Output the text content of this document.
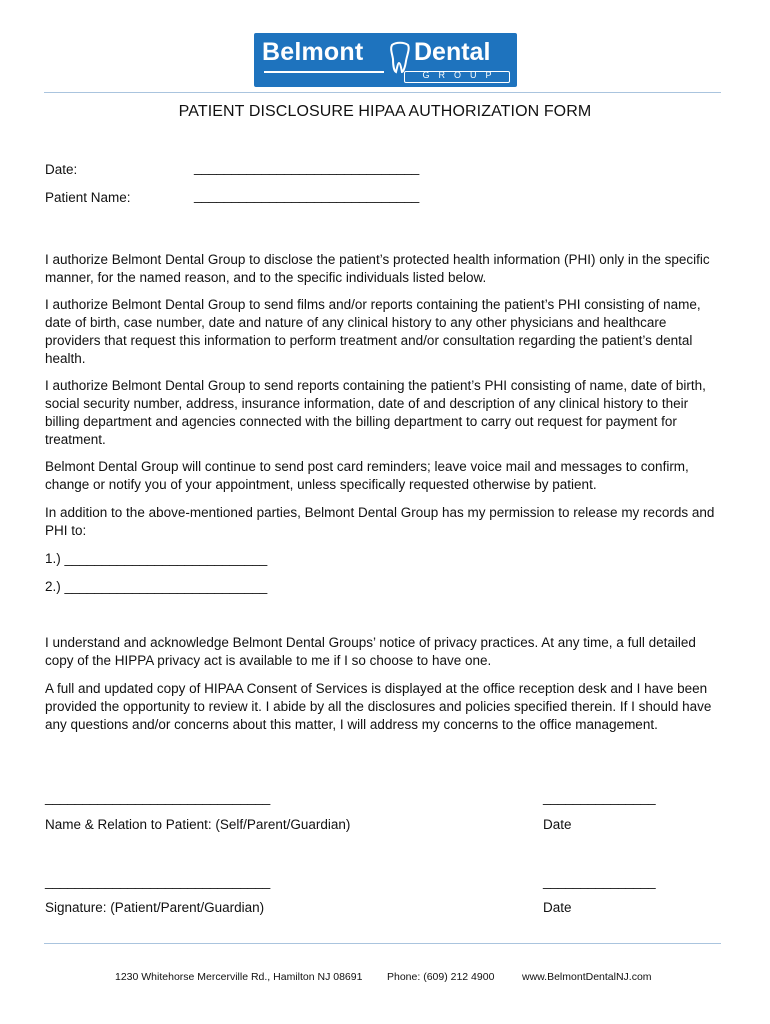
Belmont Dental
GROUP
PATIENT DISCLOSURE HIPAA AUTHORIZATION FORM
Date:	______________________________
Patient Name:	______________________________
I authorize Belmont Dental Group to disclose the patient’s protected health information (PHI) only in the specific manner, for the named reason, and to the specific individuals listed below.
I authorize Belmont Dental Group to send films and/or reports containing the patient’s PHI consisting of name, date of birth, case number, date and nature of any clinical history to any other physicians and healthcare providers that request this information to perform treatment and/or consultation regarding the patient’s dental health.
I authorize Belmont Dental Group to send reports containing the patient’s PHI consisting of name, date of birth, social security number, address, insurance information, date of and description of any clinical history to their billing department and agencies connected with the billing department to carry out request for payment for treatment.
Belmont Dental Group will continue to send post card reminders; leave voice mail and messages to confirm, change or notify you of your appointment, unless specifically requested otherwise by patient.
In addition to the above-mentioned parties, Belmont Dental Group has my permission to release my records and PHI to:
1.) ___________________________
2.) ___________________________
I understand and acknowledge Belmont Dental Groups’ notice of privacy practices. At any time, a full detailed copy of the HIPPA privacy act is available to me if I so choose to have one.
A full and updated copy of HIPAA Consent of Services is displayed at the office reception desk and I have been provided the opportunity to review it. I abide by all the disclosures and policies specified therein. If I should have any questions and/or concerns about this matter, I will address my concerns to the office management.
______________________________	_______________
Name & Relation to Patient: (Self/Parent/Guardian)	Date
______________________________	_______________
Signature: (Patient/Parent/Guardian)	Date
1230 Whitehorse Mercerville Rd., Hamilton NJ 08691 Phone: (609) 212 4900	www.BelmontDentalNJ.com
